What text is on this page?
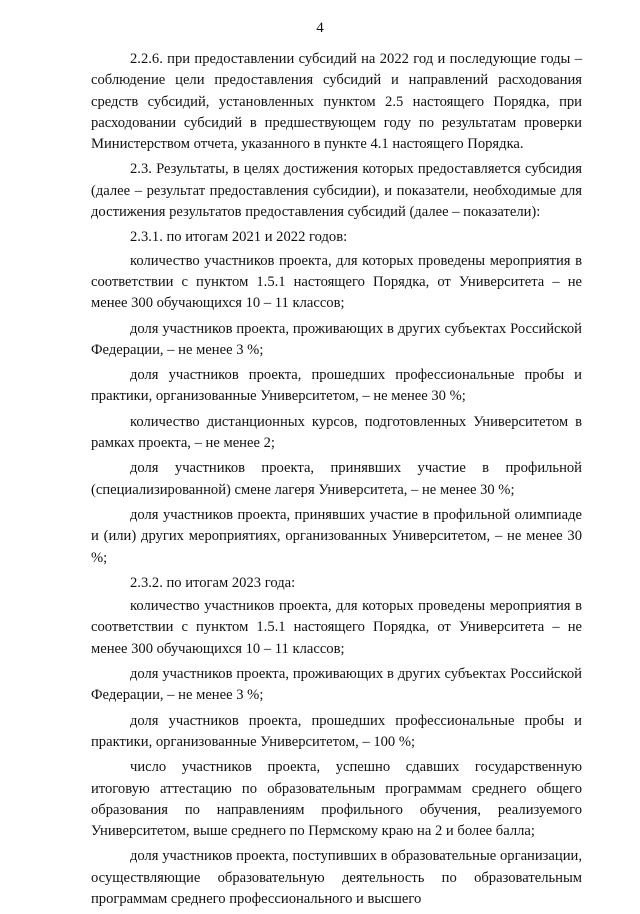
4

2.2.6. при предоставлении субсидий на 2022 год и последующие годы – соблюдение цели предоставления субсидий и направлений расходования средств субсидий, установленных пунктом 2.5 настоящего Порядка, при расходовании субсидий в предшествующем году по результатам проверки Министерством отчета, указанного в пункте 4.1 настоящего Порядка.

2.3. Результаты, в целях достижения которых предоставляется субсидия (далее – результат предоставления субсидии), и показатели, необходимые для достижения результатов предоставления субсидий (далее – показатели):

2.3.1. по итогам 2021 и 2022 годов:

количество участников проекта, для которых проведены мероприятия в соответствии с пунктом 1.5.1 настоящего Порядка, от Университета – не менее 300 обучающихся 10 – 11 классов;

доля участников проекта, проживающих в других субъектах Российской Федерации, – не менее 3 %;

доля участников проекта, прошедших профессиональные пробы и практики, организованные Университетом, – не менее 30 %;

количество дистанционных курсов, подготовленных Университетом в рамках проекта, – не менее 2;

доля участников проекта, принявших участие в профильной (специализированной) смене лагеря Университета, – не менее 30 %;

доля участников проекта, принявших участие в профильной олимпиаде и (или) других мероприятиях, организованных Университетом, – не менее 30 %;

2.3.2. по итогам 2023 года:

количество участников проекта, для которых проведены мероприятия в соответствии с пунктом 1.5.1 настоящего Порядка, от Университета – не менее 300 обучающихся 10 – 11 классов;

доля участников проекта, проживающих в других субъектах Российской Федерации, – не менее 3 %;

доля участников проекта, прошедших профессиональные пробы и практики, организованные Университетом, – 100 %;

число участников проекта, успешно сдавших государственную итоговую аттестацию по образовательным программам среднего общего образования по направлениям профильного обучения, реализуемого Университетом, выше среднего по Пермскому краю на 2 и более балла;

доля участников проекта, поступивших в образовательные организации, осуществляющие образовательную деятельность по образовательным программам среднего профессионального и высшего
